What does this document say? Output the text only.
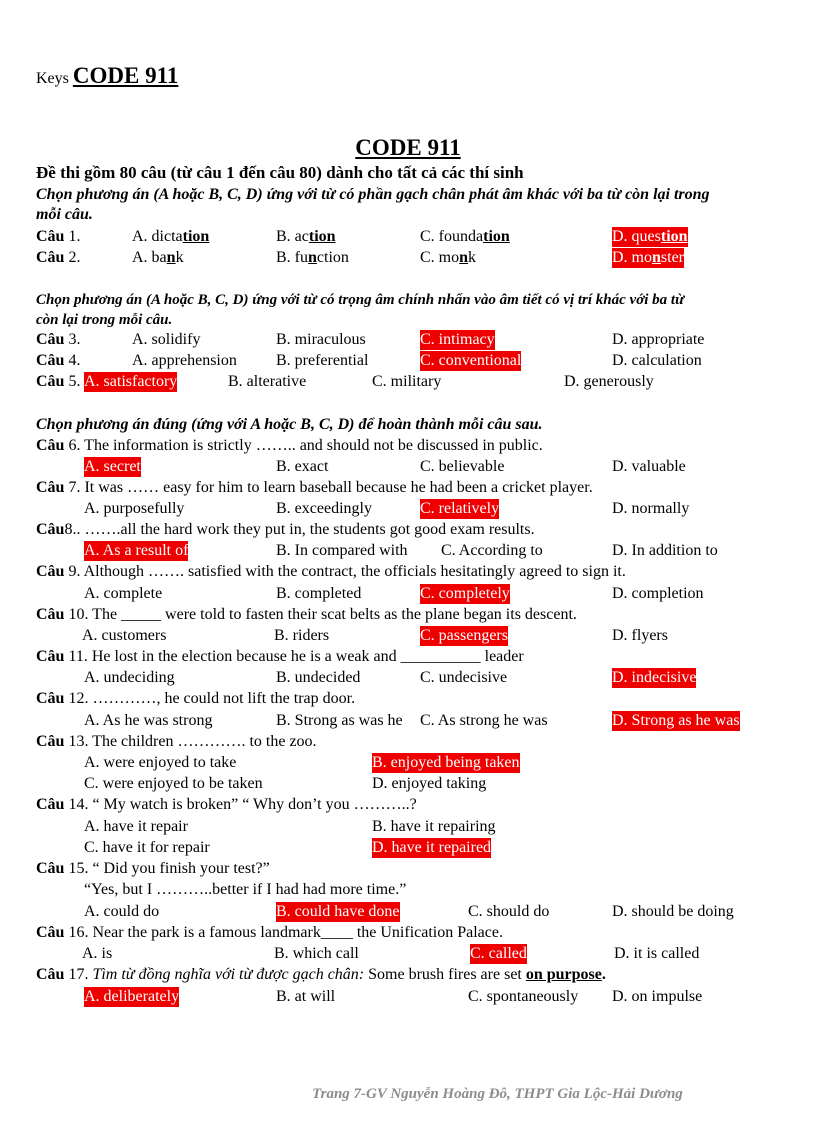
Keys CODE 911
CODE 911
Đề thi gồm 80 câu (từ câu 1 đến câu 80) dành cho tất cả các thí sinh
Chọn phương án (A hoặc B, C, D) ứng với từ có phần gạch chân phát âm khác với ba từ còn lại trong
mỗi câu.
Câu 1.	A. dictation	B. action	C. foundation	D. question
Câu 2.	A. bank	B. function	C. monk	D. monster
Chọn phương án (A hoặc B, C, D) ứng với từ có trọng âm chính nhấn vào âm tiết có vị trí khác với ba từ
còn lại trong mỗi câu.
Câu 3.	A. solidify	B. miraculous	C. intimacy	D. appropriate
Câu 4.	A. apprehension B. preferential	C. conventional	D. calculation
Câu 5. A. satisfactory	B. alterative	C. military	D. generously
Chọn phương án đúng (ứng với A hoặc B, C, D) để hoàn thành mỗi câu sau.
Câu 6. The information is strictly …….. and should not be discussed in public.
A. secret	B. exact	C. believable	D. valuable
Câu 7. It was …… easy for him to learn baseball because he had been a cricket player.
A. purposefully	B. exceedingly	C. relatively	D. normally
Câu8.. …….all the hard work they put in, the students got good exam results.
A. As a result of	B. In compared with C. According to	D. In addition to
Câu 9. Although ……. satisfied with the contract, the officials hesitatingly agreed to sign it.
A. complete	B. completed	C. completely	D. completion
Câu 10. The _____ were told to fasten their scat belts as the plane began its descent.
A. customers	B. riders	C. passengers	D. flyers
Câu 11. He lost in the election because he is a weak and __________ leader
A. undeciding	B. undecided	C. undecisive	D. indecisive
Câu 12. …………, he could not lift the trap door.
A. As he was strong	B. Strong as was he C. As strong he was	D. Strong as he was
Câu 13. The children …………. to the zoo.
A. were enjoyed to take	B. enjoyed being taken
C. were enjoyed to be taken	D. enjoyed taking
Câu 14. “ My watch is broken” “ Why don’t you ………..?
A. have it repair	B. have it repairing
C. have it for repair	D. have it repaired
Câu 15. “ Did you finish your test?”
“Yes, but I ………..better if I had had more time.”
A. could do	B. could have done	C. should do	D. should be doing
Câu 16. Near the park is a famous landmark____ the Unification Palace.
A. is	B. which call	C. called	D. it is called
Câu 17. Tìm từ đồng nghĩa với từ được gạch chân: Some brush fires are set on purpose.
A. deliberately	B. at will	C. spontaneously D. on impulse
Trang 7-GV Nguyễn Hoàng Đô, THPT Gia Lộc-Hải Dương
